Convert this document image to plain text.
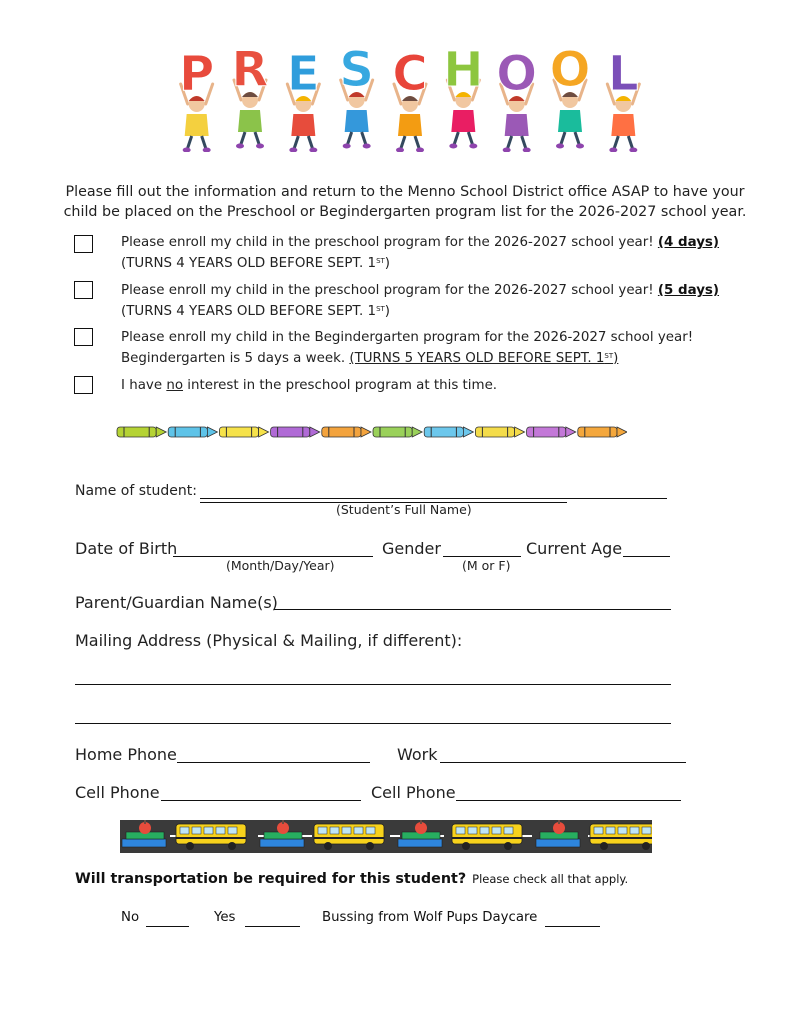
P R E S C H O O L
Please fill out the information and return to the Menno School District office ASAP to have your child be placed on the Preschool or Begindergarten program list for the 2026-2027 school year.
Please enroll my child in the preschool program for the 2026-2027 school year! (4 days)
(TURNS 4 YEARS OLD BEFORE SEPT. 1ST)
Please enroll my child in the preschool program for the 2026-2027 school year! (5 days)
(TURNS 4 YEARS OLD BEFORE SEPT. 1ST)
Please enroll my child in the Begindergarten program for the 2026-2027 school year!
Begindergarten is 5 days a week. (TURNS 5 YEARS OLD BEFORE SEPT. 1ST)
I have no interest in the preschool program at this time.
Name of student:
(Student’s Full Name)
Date of Birth
(Month/Day/Year)
Gender
(M or F)
Current Age
Parent/Guardian Name(s)
Mailing Address (Physical & Mailing, if different):
Home Phone	Work
Cell Phone	Cell Phone
Will transportation be required for this student? Please check all that apply.
No	Yes	Bussing from Wolf Pups Daycare
